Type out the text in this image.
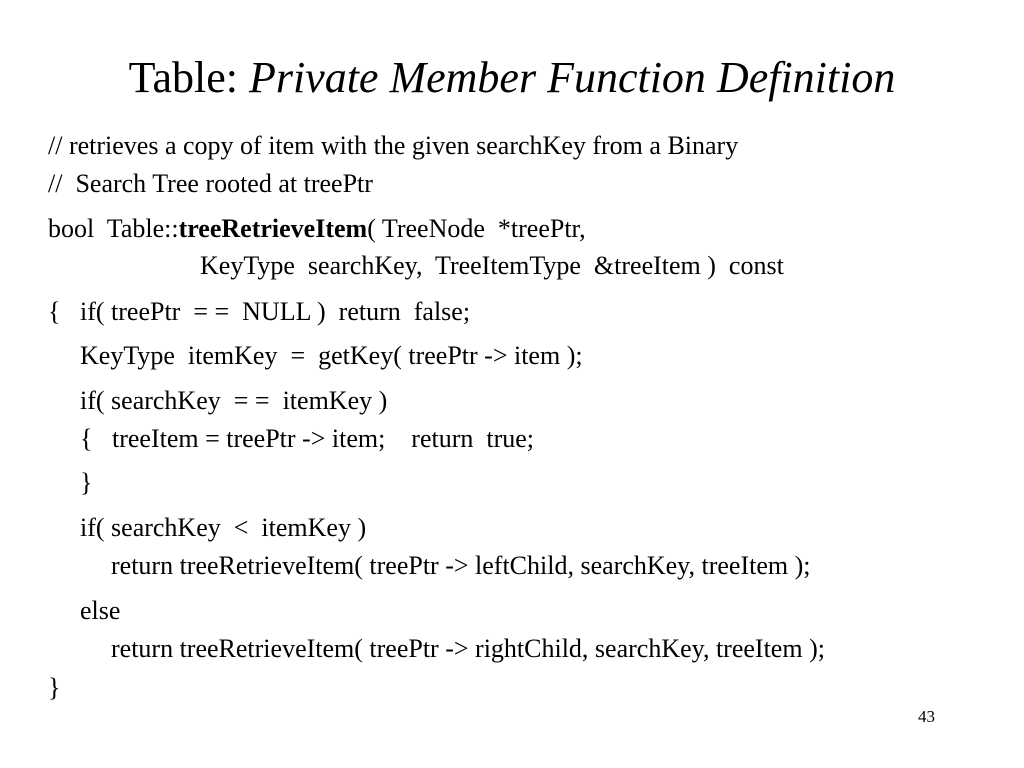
Table: Private Member Function Definition
// retrieves a copy of item with the given searchKey from a Binary
//  Search Tree rooted at treePtr
bool  Table::treeRetrieveItem( TreeNode  *treePtr,
KeyType  searchKey,  TreeItemType  &treeItem )  const
{   if( treePtr  = =  NULL )  return  false;
KeyType  itemKey  =  getKey( treePtr -> item );
if( searchKey  = =  itemKey )
{   treeItem = treePtr -> item;    return  true;
}
if( searchKey  <  itemKey )
return treeRetrieveItem( treePtr -> leftChild, searchKey, treeItem );
else
return treeRetrieveItem( treePtr -> rightChild, searchKey, treeItem );
}
43
